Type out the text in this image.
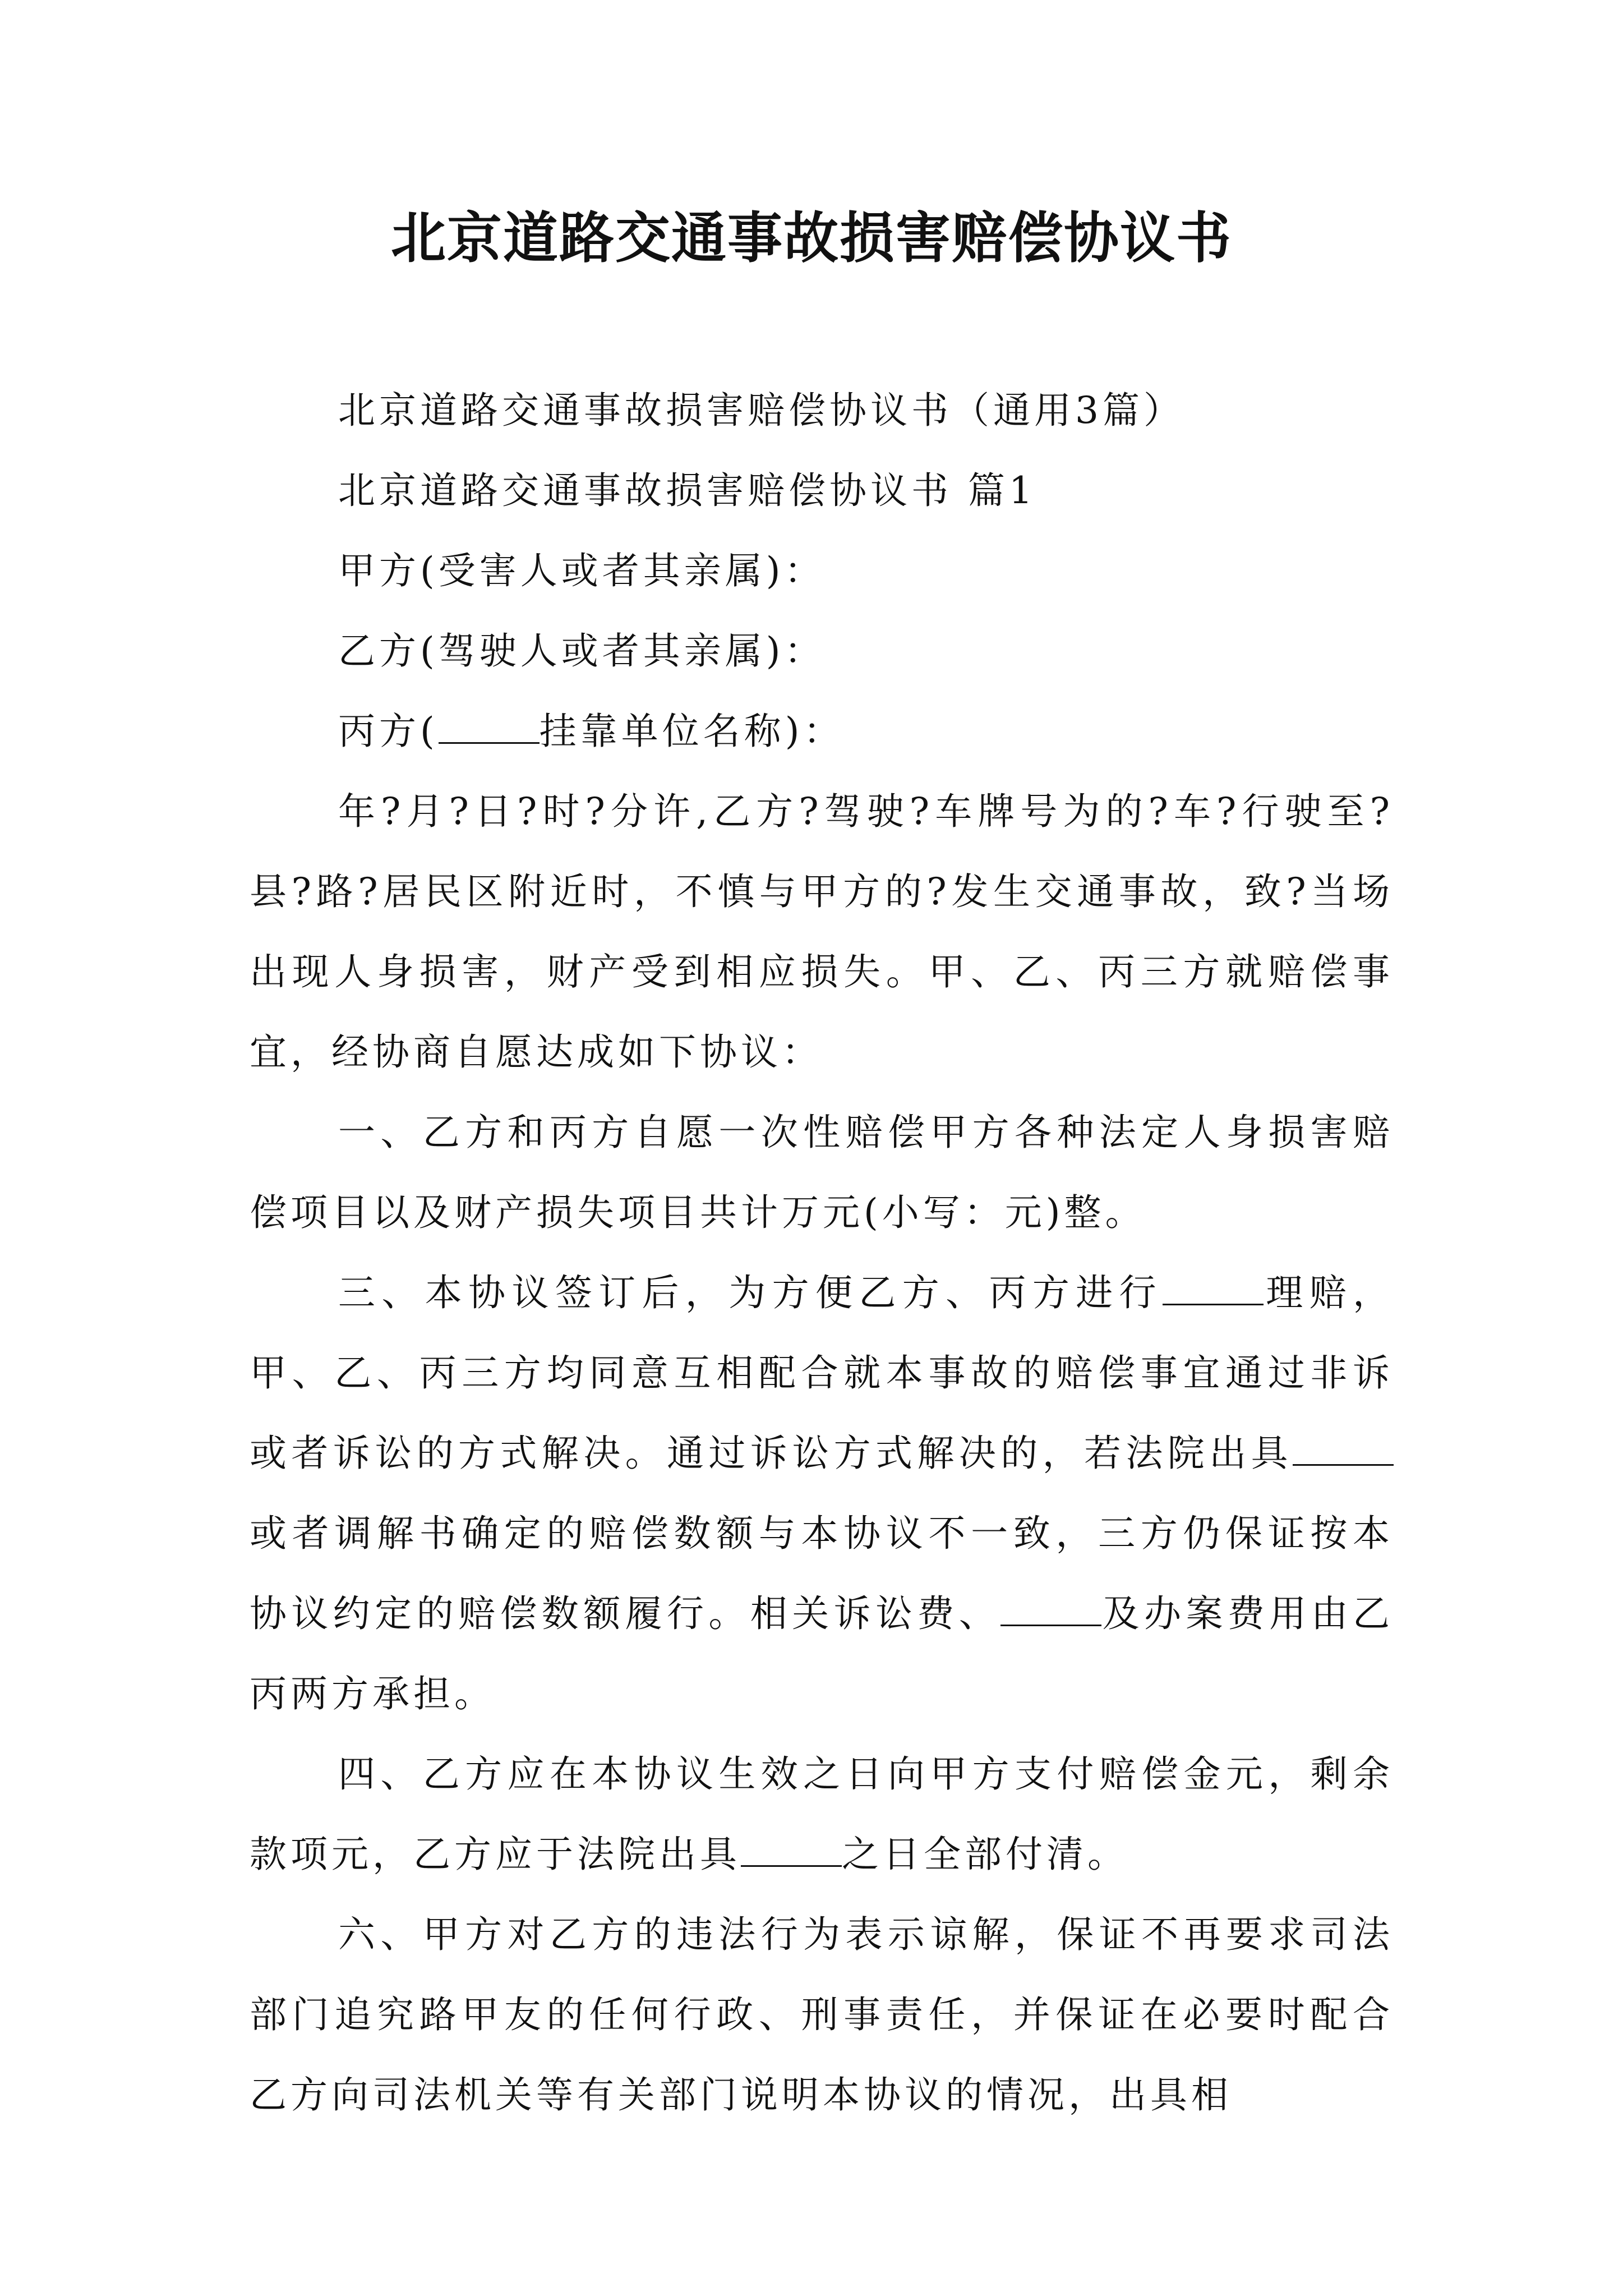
北京道路交通事故损害赔偿协议书

北京道路交通事故损害赔偿协议书（通用3篇）

北京道路交通事故损害赔偿协议书 篇1

甲方(受害人或者其亲属)：

乙方(驾驶人或者其亲属)：

丙方(	挂靠单位名称)：

年?月?日?时?分许,乙方?驾驶?车牌号为的?车?行驶至?县?路?居民区附近时，不慎与甲方的?发生交通事故，致?当场出现人身损害，财产受到相应损失。甲、乙、丙三方就赔偿事宜，经协商自愿达成如下协议：

一、乙方和丙方自愿一次性赔偿甲方各种法定人身损害赔偿项目以及财产损失项目共计万元(小写：元)整。

三、本协议签订后，为方便乙方、丙方进行	理赔，甲、乙、丙三方均同意互相配合就本事故的赔偿事宜通过非诉或者诉讼的方式解决。通过诉讼方式解决的，若法院出具或者调解书确定的赔偿数额与本协议不一致，三方仍保证按本协议约定的赔偿数额履行。相关诉讼费、	及办案费用由乙丙两方承担。

四、乙方应在本协议生效之日向甲方支付赔偿金元，剩余款项元，乙方应于法院出具	之日全部付清。

六、甲方对乙方的违法行为表示谅解，保证不再要求司法部门追究路甲友的任何行政、刑事责任，并保证在必要时配合乙方向司法机关等有关部门说明本协议的情况，出具相
